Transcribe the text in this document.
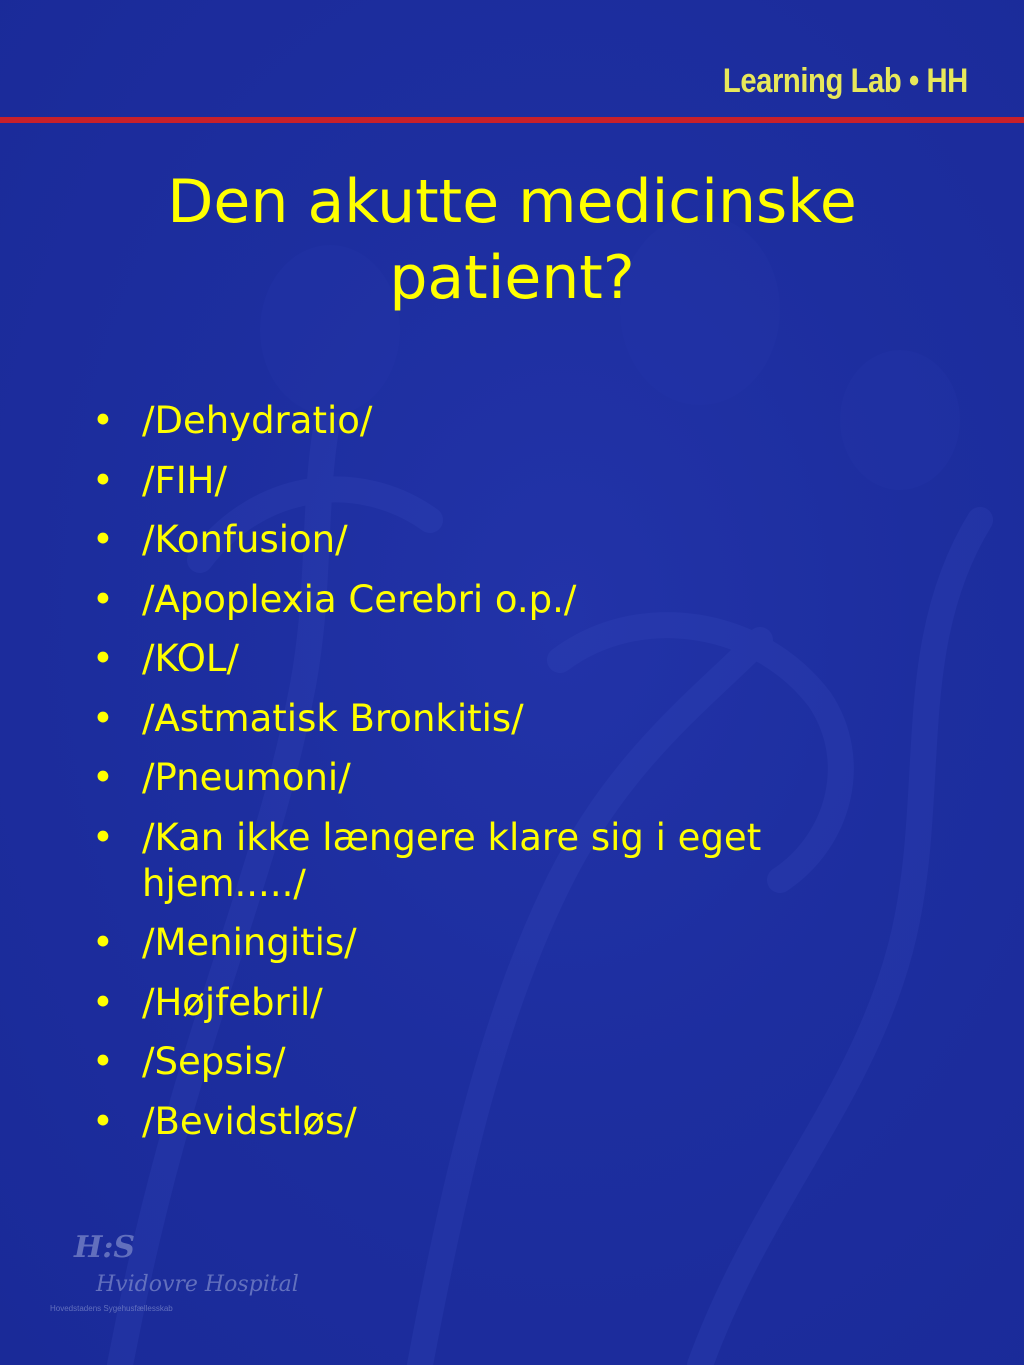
Learning Lab • HH
Den akutte medicinske
patient?
• /Dehydratio/
• /FIH/
• /Konfusion/
• /Apoplexia Cerebri o.p./
• /KOL/
• /Astmatisk Bronkitis/
• /Pneumoni/
• /Kan ikke længere klare sig i eget hjem...../
• /Meningitis/
• /Højfebril/
• /Sepsis/
• /Bevidstløs/
H:S
Hvidovre Hospital
Hovedstadens Sygehusfællesskab
